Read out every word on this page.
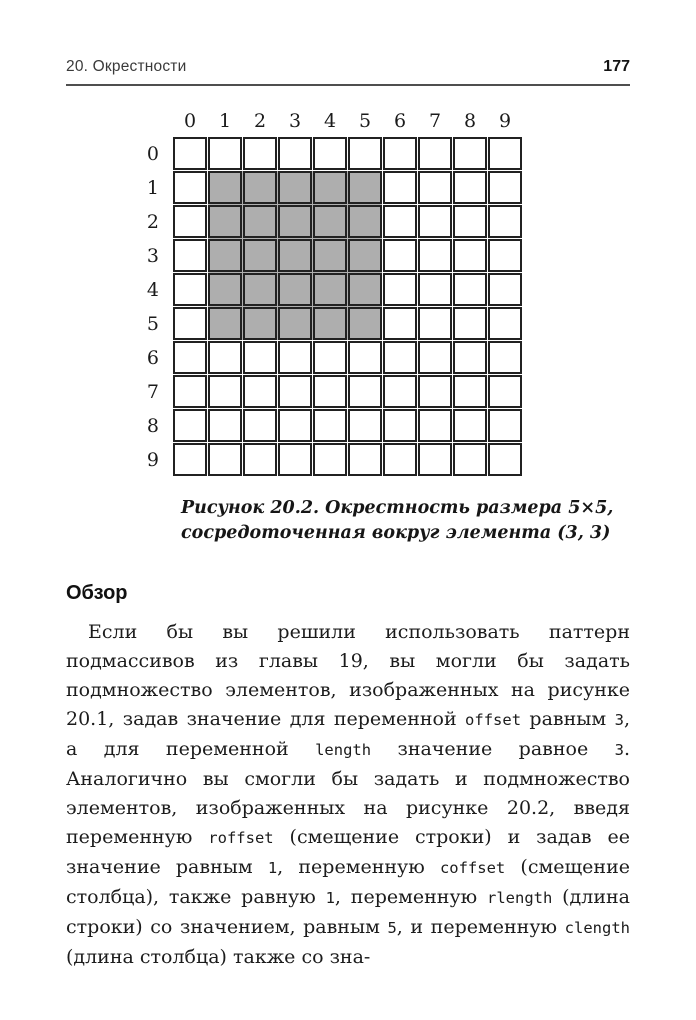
20. Окрестности	177
0	1	2	3	4	5	6	7	8	9
0
1
2
3
4
5
6
7
8
9
Рисунок 20.2. Окрестность размера 5×5,
сосредоточенная вокруг элемента (3, 3)
Обзор

Если бы вы решили использовать паттерн подмассивов из главы 19, вы могли бы задать подмножество элементов, изображенных на рисунке 20.1, задав значение для переменной offset равным 3, а для переменной length значение равное 3. Аналогично вы смогли бы задать и подмножество элементов, изображенных на рисунке 20.2, введя переменную roffset (смещение строки) и задав ее значение равным 1, переменную coffset (смещение столбца), также равную 1, переменную rlength (длина строки) со значением, равным 5, и переменную clength (длина столбца) также со зна-
